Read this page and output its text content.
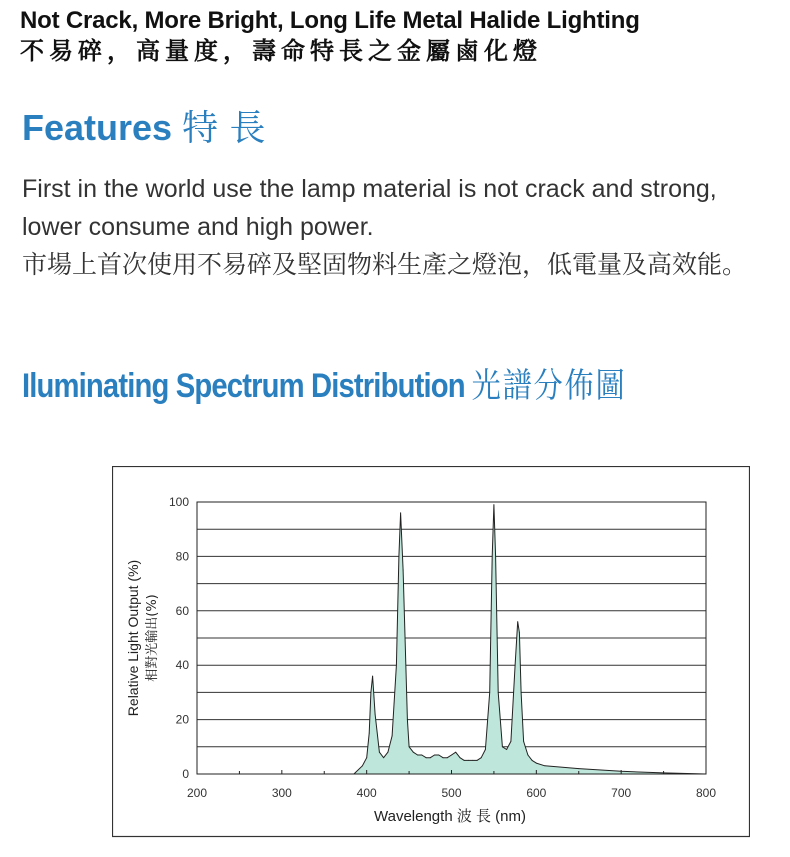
Not Crack, More Bright, Long Life Metal Halide Lighting
不易碎，高量度，壽命特長之金屬鹵化燈
Features 特 長
First in the world use the lamp material is not crack and strong, lower consume and high power.
市場上首次使用不易碎及堅固物料生產之燈泡，低電量及高效能。
Iluminating Spectrum Distribution 光譜分佈圖
200	300	400	500	600	700	800
0
20
40
60
80
100
Wavelength 波 長 (nm)
Relative Light Output (%) 相對光輸出(%)
